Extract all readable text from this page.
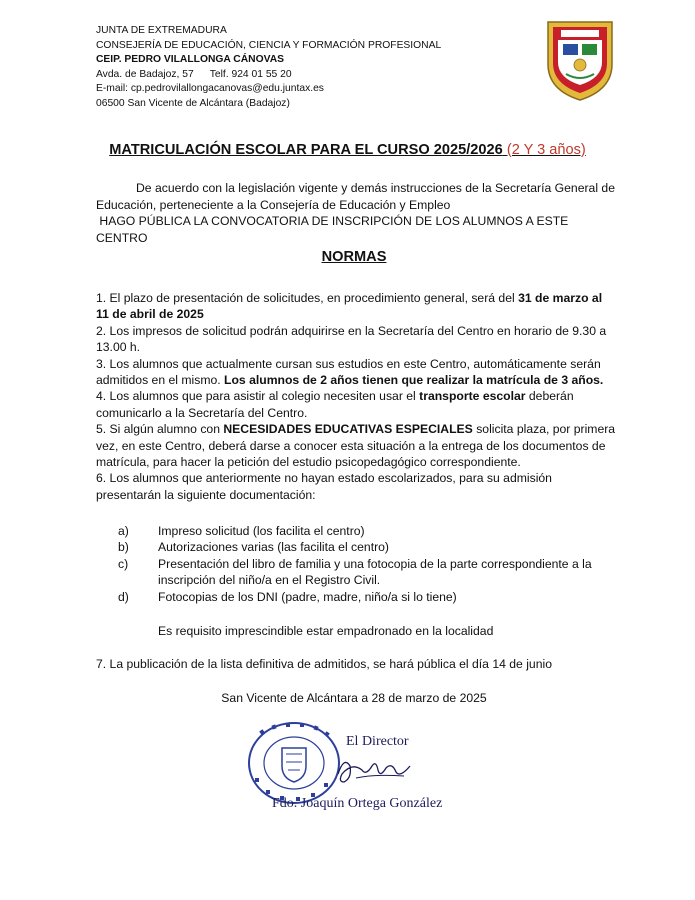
JUNTA DE EXTREMADURA
CONSEJERÍA DE EDUCACIÓN, CIENCIA Y FORMACIÓN PROFESIONAL
CEIP. PEDRO VILALLONGA CÁNOVAS
Avda. de Badajoz, 57 Telf. 924 01 55 20
E-mail: cp.pedrovilallongacanovas@edu.juntax.es
06500 San Vicente de Alcántara (Badajoz)
MATRICULACIÓN ESCOLAR PARA EL CURSO 2025/2026 (2 Y 3 años)
De acuerdo con la legislación vigente y demás instrucciones de la Secretaría General de Educación, perteneciente a la Consejería de Educación y Empleo
HAGO PÚBLICA LA CONVOCATORIA DE INSCRIPCIÓN DE LOS ALUMNOS A ESTE CENTRO
NORMAS

1. El plazo de presentación de solicitudes, en procedimiento general, será del 31 de marzo al 11 de abril de 2025

2. Los impresos de solicitud podrán adquirirse en la Secretaría del Centro en horario de 9.30 a 13.00 h.

3. Los alumnos que actualmente cursan sus estudios en este Centro, automáticamente serán admitidos en el mismo. Los alumnos de 2 años tienen que realizar la matrícula de 3 años.

4. Los alumnos que para asistir al colegio necesiten usar el transporte escolar deberán comunicarlo a la Secretaría del Centro.

5. Si algún alumno con NECESIDADES EDUCATIVAS ESPECIALES solicita plaza, por primera vez, en este Centro, deberá darse a conocer esta situación a la entrega de los documentos de matrícula, para hacer la petición del estudio psicopedagógico correspondiente.

6. Los alumnos que anteriormente no hayan estado escolarizados, para su admisión presentarán la siguiente documentación:

a)	Impreso solicitud (los facilita el centro)
b)	Autorizaciones varias (las facilita el centro)
c)	Presentación del libro de familia y una fotocopia de la parte correspondiente a la inscripción del niño/a en el Registro Civil.
d)	Fotocopias de los DNI (padre, madre, niño/a si lo tiene)
Es requisito imprescindible estar empadronado en la localidad
7. La publicación de la lista definitiva de admitidos, se hará pública el día 14 de junio
San Vicente de Alcántara a 28 de marzo de 2025
El Director
Fdo. Joaquín Ortega González
